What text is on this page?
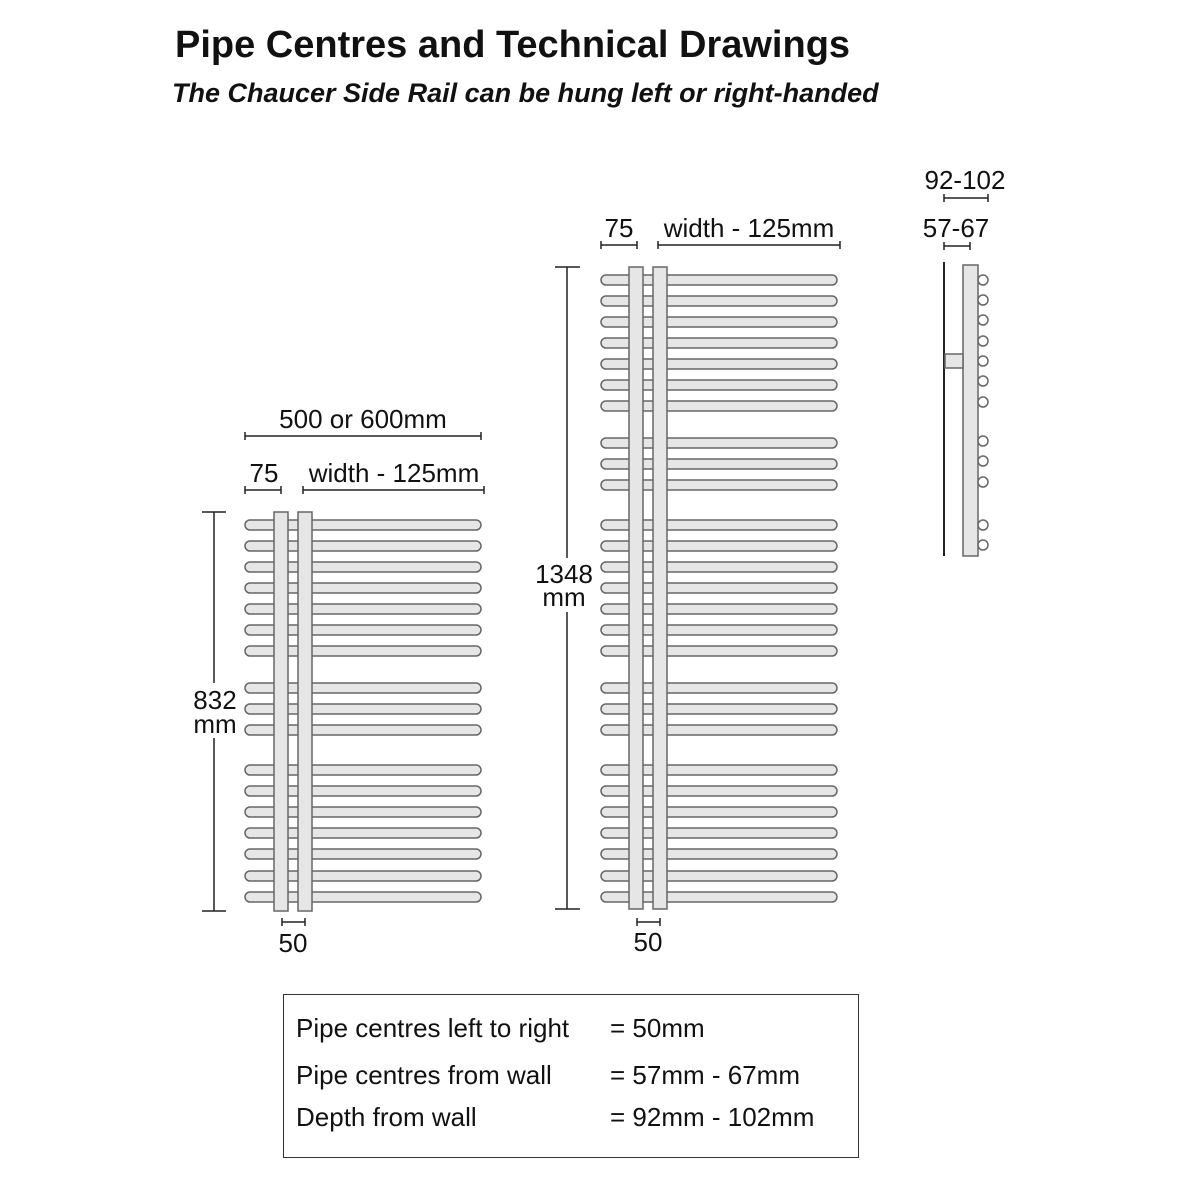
Pipe Centres and Technical Drawings
The Chaucer Side Rail can be hung left or right-handed
500 or 600mm
75 width - 125mm
832
mm
50
75 width - 125mm
1348
mm
50
92-102
57-67
Pipe centres left to right = 50mm
Pipe centres from wall = 57mm - 67mm
Depth from wall	= 92mm - 102mm
